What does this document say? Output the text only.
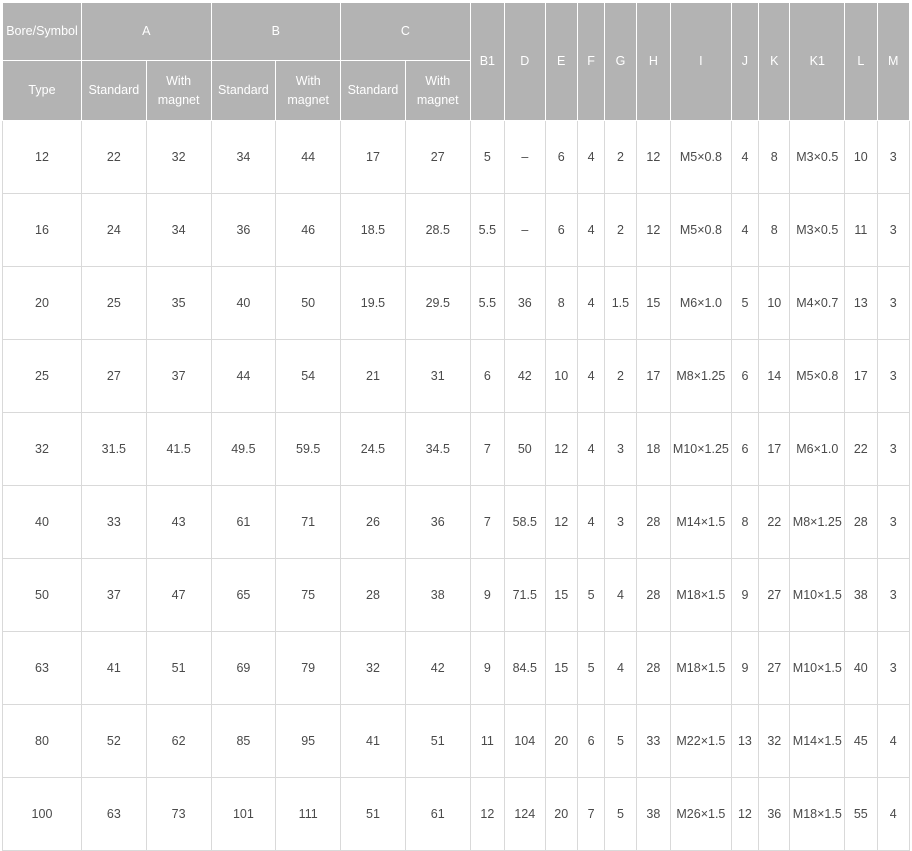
Bore/Symbol	A		B		C		B1	D	E	F	G	H	I	J	K	K1	L	M
Type	Standard	With magnet	Standard	With magnet	Standard	With magnet												
12	22	32	34	44	17	27	5	–	6	4	2	12	M5×0.8	4	8	M3×0.5	10	3
16	24	34	36	46	18.5	28.5	5.5	–	6	4	2	12	M5×0.8	4	8	M3×0.5	11	3
20	25	35	40	50	19.5	29.5	5.5	36	8	4	1.5	15	M6×1.0	5	10	M4×0.7	13	3
25	27	37	44	54	21	31	6	42	10	4	2	17	M8×1.25	6	14	M5×0.8	17	3
32	31.5	41.5	49.5	59.5	24.5	34.5	7	50	12	4	3	18	M10×1.25	6	17	M6×1.0	22	3
40	33	43	61	71	26	36	7	58.5	12	4	3	28	M14×1.5	8	22	M8×1.25	28	3
50	37	47	65	75	28	38	9	71.5	15	5	4	28	M18×1.5	9	27	M10×1.5	38	3
63	41	51	69	79	32	42	9	84.5	15	5	4	28	M18×1.5	9	27	M10×1.5	40	3
80	52	62	85	95	41	51	11	104	20	6	5	33	M22×1.5	13	32	M14×1.5	45	4
100	63	73	101	111	51	61	12	124	20	7	5	38	M26×1.5	12	36	M18×1.5	55	4
